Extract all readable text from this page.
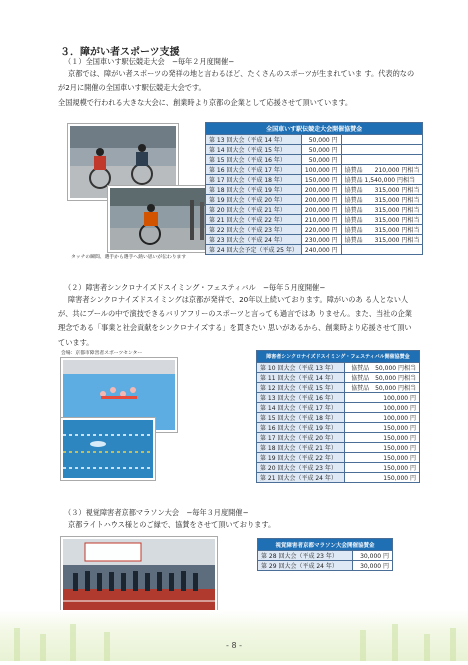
３．障がい者スポーツ支援
（１）全国車いす駅伝競走大会　−毎年２月度開催−
京都では、障がい者スポーツの発祥の地と言わるほど、たくさんのスポーツが生まれていま す。代表的なのが2月に開催の全国車いす駅伝競走大会です。
全国規模で行われる大きな大会に、創業時より京都の企業として応援させて頂いています。
タッチの瞬間、選手から選手へ熱い思いが伝わります
全国車いす駅伝競走大会開催協賛金		
第 13 回大会（平成 14 年）	50,000 円	
第 14 回大会（平成 15 年）	50,000 円	
第 15 回大会（平成 16 年）	50,000 円	
第 16 回大会（平成 17 年）	100,000 円	協賛品　　210,000 円相当
第 17 回大会（平成 18 年）	150,000 円	協賛品 1,540,000 円相当
第 18 回大会（平成 19 年）	200,000 円	協賛品　　315,000 円相当
第 19 回大会（平成 20 年）	200,000 円	協賛品　　315,000 円相当
第 20 回大会（平成 21 年）	200,000 円	協賛品　　315,000 円相当
第 21 回大会（平成 22 年）	210,000 円	協賛品　　315,000 円相当
第 22 回大会（平成 23 年）	220,000 円	協賛品　　315,000 円相当
第 23 回大会（平成 24 年）	230,000 円	協賛品　　315,000 円相当
第 24 回大会予定（平成 25 年）	240,000 円	
（２）障害者シンクロナイズドスイミング・フェスティバル　−毎年５月度開催−
障害者シンクロナイズドスイミングは京都が発祥で、20年以上続いております。障がいのあ る人とない人が、共にプールの中で演技できるバリアフリーのスポーツと言っても過言ではあ りません。また、当社の企業理念である「事業と社会貢献をシンクロナイズする」を貫きたい 思いがあるから、創業時より応援させて頂いています。
会場：京都市障害者スポーツセンター
障害者シンクロナイズドスイミング・フェスティバル開催協賛金	
第 10 回大会（平成 13 年）	協賛品　50,000 円相当
第 11 回大会（平成 14 年）	協賛品　50,000 円相当
第 12 回大会（平成 15 年）	協賛品　50,000 円相当
第 13 回大会（平成 16 年）	100,000 円
第 14 回大会（平成 17 年）	100,000 円
第 15 回大会（平成 18 年）	100,000 円
第 16 回大会（平成 19 年）	150,000 円
第 17 回大会（平成 20 年）	150,000 円
第 18 回大会（平成 21 年）	150,000 円
第 19 回大会（平成 22 年）	150,000 円
第 20 回大会（平成 23 年）	150,000 円
第 21 回大会（平成 24 年）	150,000 円
（３）視覚障害者京都マラソン大会　−毎年３月度開催−
京都ライトハウス様とのご縁で、協賛をさせて頂いております。
視覚障害者京都マラソン大会開催協賛金	
第 28 回大会（平成 23 年）	30,000 円
第 29 回大会（平成 24 年）	30,000 円
- 8 -
